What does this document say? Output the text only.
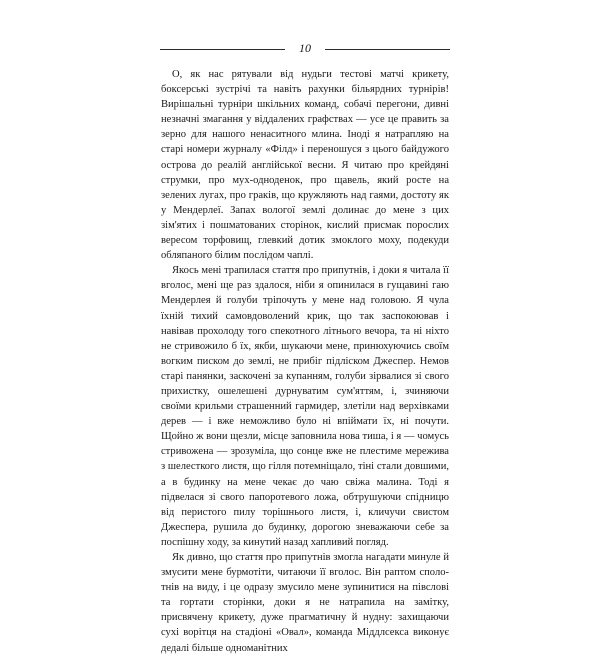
10

О, як нас рятували від нудьги тестові матчі крикету, боксерські зустрічі та навіть рахунки більярдних турнірів! Вирішальні турніри шкільних команд, собачі перегони, дивні незначні змагання у віддалених графствах — усе це править за зерно для нашого ненаситного млина. Іноді я натрапляю на старі номери журналу «Філд» і переношуся з цього байдужого острова до реалій англійської весни. Я читаю про крейдяні струмки, про мух-одноденок, про щавель, який росте на зелених лугах, про граків, що кружляють над гаями, достоту як у Мендерлеї. Запах вологої землі долинає до мене з цих зім'ятих і пошматованих сторінок, кислий присмак порослих вересом торфовищ, глевкий дотик змоклого моху, подекуди обляпаного білим послідом чаплі.

Якось мені трапилася стаття про припутнів, і доки я читала її вголос, мені ще раз здалося, ніби я опинилася в гущавині гаю Мендерлея й голуби тріпочуть у мене над головою. Я чула їхній тихий самовдоволений крик, що так заспокоював і навівав прохолоду того спекотного літнього вечора, та ні ніхто не стривожило б їх, якби, шукаючи мене, принюхуючись своїм вогким писком до землі, не прибіг підліском Джеспер. Немов старі панянки, заскочені за купанням, голуби зірвалися зі свого прихистку, ошелешені дурнуватим сум'яттям, і, зчиняючи своїми крильми страшенний гармидер, злетіли над верхівками дерев — і вже неможливо було ні впіймати їх, ні почути. Щойно ж вони щезли, місце заповнила нова тиша, і я — чомусь стривожена — зрозуміла, що сонце вже не плестиме мережива з шелесткого листя, що гілля потемніщало, тіні стали довшими, а в будинку на мене чекає до чаю свіжа малина. Тоді я підвелася зі свого папоротевого ложа, обтрушуючи спідницю від перистого пилу торішнього листя, і, кличучи свистом Джеспера, рушила до будинку, дорогою зневажаючи себе за поспішну ходу, за кинутий назад хапливий погляд.

Як дивно, що стаття про припутнів змогла нагадати минуле й змусити мене бурмотіти, читаючи її вголос. Він раптом споло-тнів на виду, і це одразу змусило мене зупинитися на півслові та гортати сторінки, доки я не натрапила на замітку, присвячену крикету, дуже прагматичну й нудну: захищаючи сухі ворітця на стадіоні «Овал», команда Міддлсекса виконує дедалі більше одноманітних
